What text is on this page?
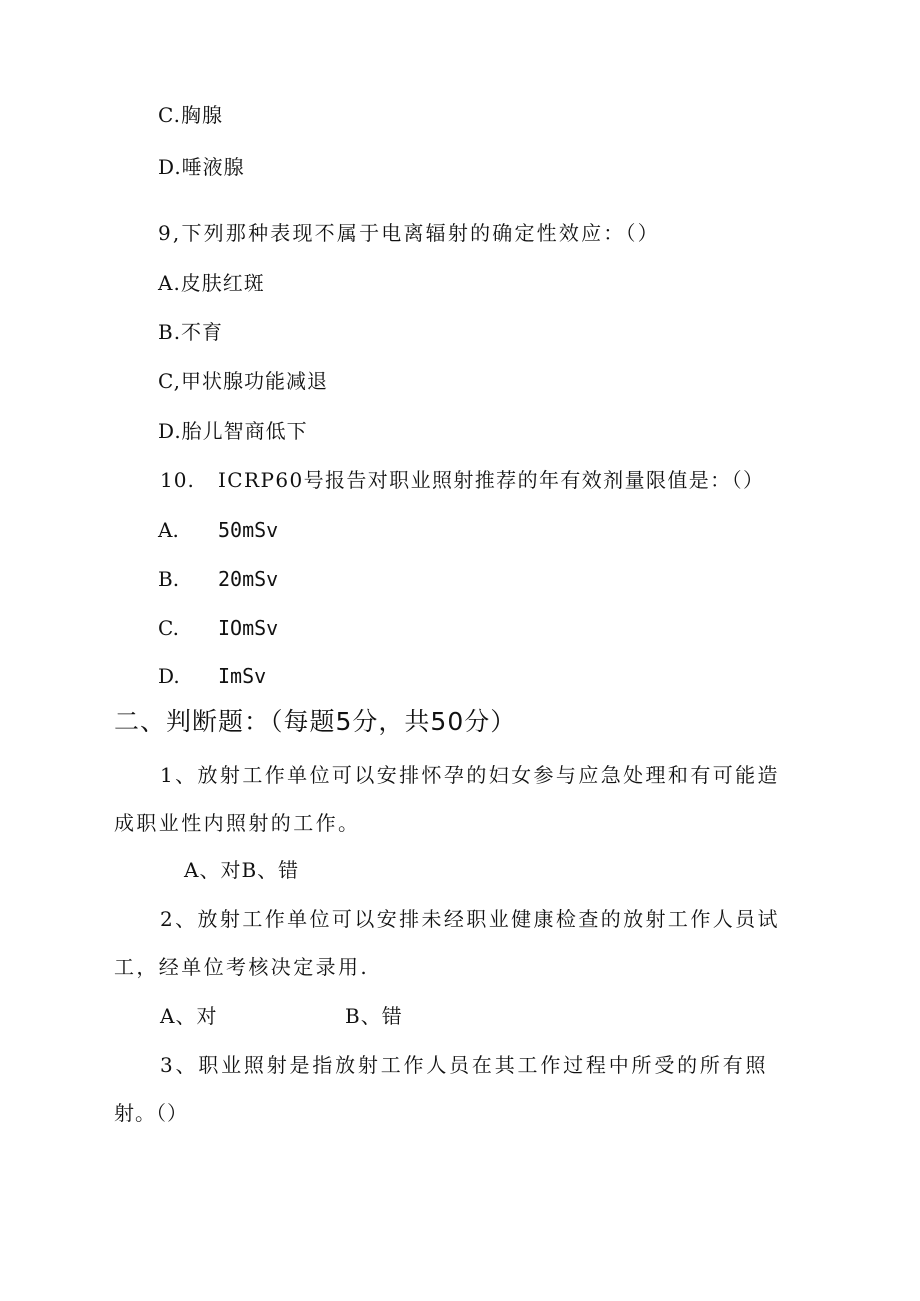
C.胸腺
D.唾液腺
9,下列那种表现不属于电离辐射的确定性效应：（）
A.皮肤红斑
B.不育
C,甲状腺功能减退
D.胎儿智商低下
10. ICRP60号报告对职业照射推荐的年有效剂量限值是：（）
A. 50mSv
B. 20mSv
C. IOmSv
D. ImSv
二、判断题：（每题5分，共50分）
1、放射工作单位可以安排怀孕的妇女参与应急处理和有可能造
成职业性内照射的工作。
A、对B、错
2、放射工作单位可以安排未经职业健康检查的放射工作人员试
工，经单位考核决定录用.
A、对	B、错
3、职业照射是指放射工作人员在其工作过程中所受的所有照
射。（）
